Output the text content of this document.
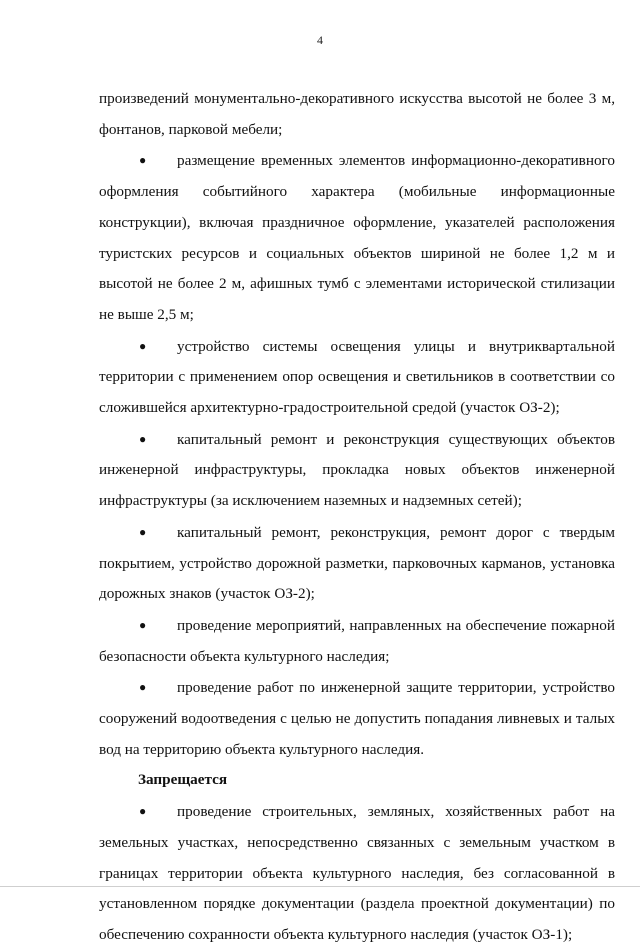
4

произведений монументально-декоративного искусства высотой не более 3 м, фонтанов, парковой мебели;

● размещение временных элементов информационно-декоративного оформления событийного характера (мобильные информационные конструкции), включая праздничное оформление, указателей расположения туристских ресурсов и социальных объектов шириной не более 1,2 м и высотой не более 2 м, афишных тумб с элементами исторической стилизации не выше 2,5 м;

● устройство системы освещения улицы и внутриквартальной территории с применением опор освещения и светильников в соответствии со сложившейся архитектурно-градостроительной средой (участок ОЗ-2);

● капитальный ремонт и реконструкция существующих объектов инженерной инфраструктуры, прокладка новых объектов инженерной инфраструктуры (за исключением наземных и надземных сетей);

● капитальный ремонт, реконструкция, ремонт дорог с твердым покрытием, устройство дорожной разметки, парковочных карманов, установка дорожных знаков (участок ОЗ-2);

● проведение мероприятий, направленных на обеспечение пожарной безопасности объекта культурного наследия;

● проведение работ по инженерной защите территории, устройство сооружений водоотведения с целью не допустить попадания ливневых и талых вод на территорию объекта культурного наследия.

Запрещается

● проведение строительных, земляных, хозяйственных работ на земельных участках, непосредственно связанных с земельным участком в границах территории объекта культурного наследия, без согласованной в установленном порядке документации (раздела проектной документации) по обеспечению сохранности объекта культурного наследия (участок ОЗ-1);
